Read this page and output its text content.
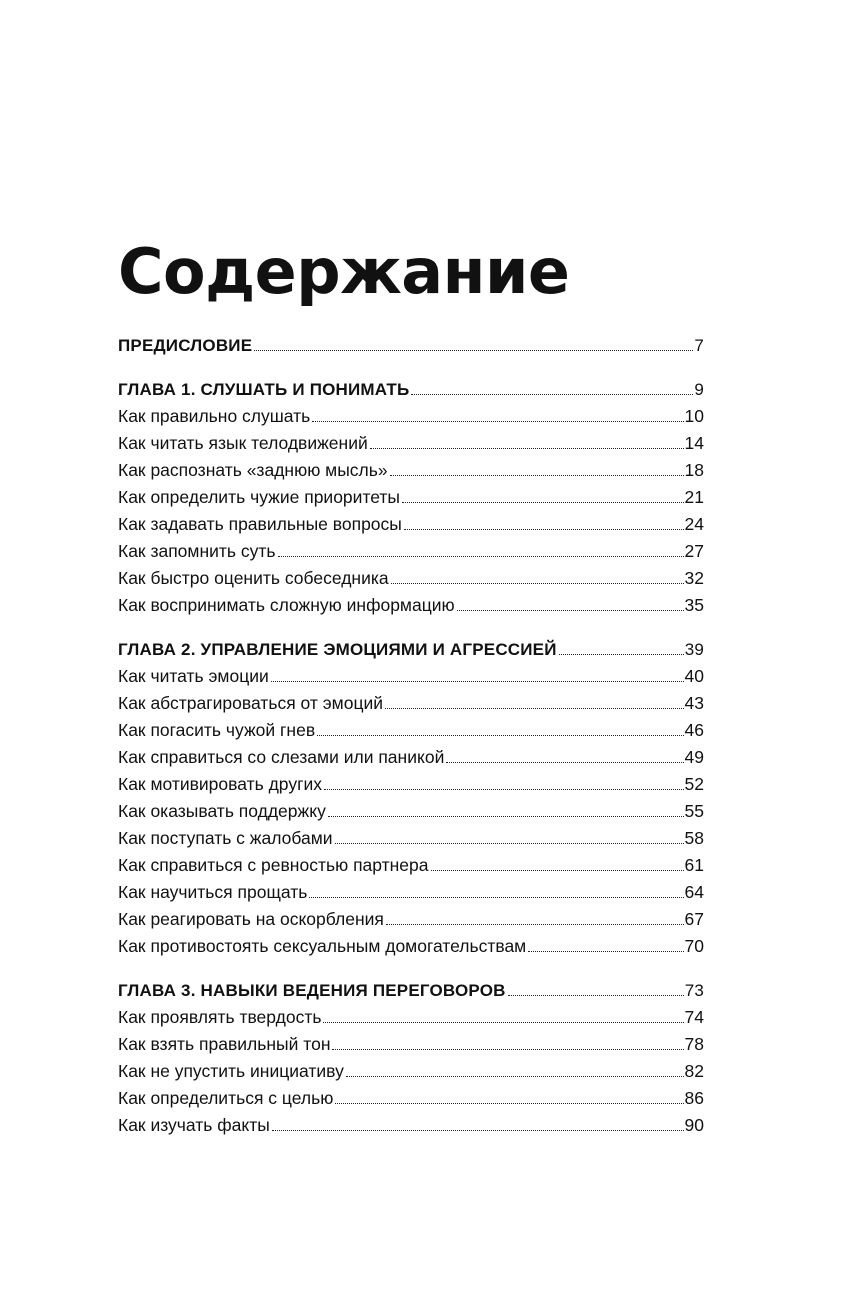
Содержание
ПРЕДИСЛОВИЕ	7
ГЛАВА 1. СЛУШАТЬ И ПОНИМАТЬ	9
Как правильно слушать	10
Как читать язык телодвижений	14
Как распознать «заднюю мысль»	18
Как определить чужие приоритеты	21
Как задавать правильные вопросы	24
Как запомнить суть	27
Как быстро оценить собеседника	32
Как воспринимать сложную информацию	35
ГЛАВА 2. УПРАВЛЕНИЕ ЭМОЦИЯМИ И АГРЕССИЕЙ	39
Как читать эмоции	40
Как абстрагироваться от эмоций	43
Как погасить чужой гнев	46
Как справиться со слезами или паникой	49
Как мотивировать других	52
Как оказывать поддержку	55
Как поступать с жалобами	58
Как справиться с ревностью партнера	61
Как научиться прощать	64
Как реагировать на оскорбления	67
Как противостоять сексуальным домогательствам	70
ГЛАВА 3. НАВЫКИ ВЕДЕНИЯ ПЕРЕГОВОРОВ	73
Как проявлять твердость	74
Как взять правильный тон	78
Как не упустить инициативу	82
Как определиться с целью	86
Как изучать факты	90
